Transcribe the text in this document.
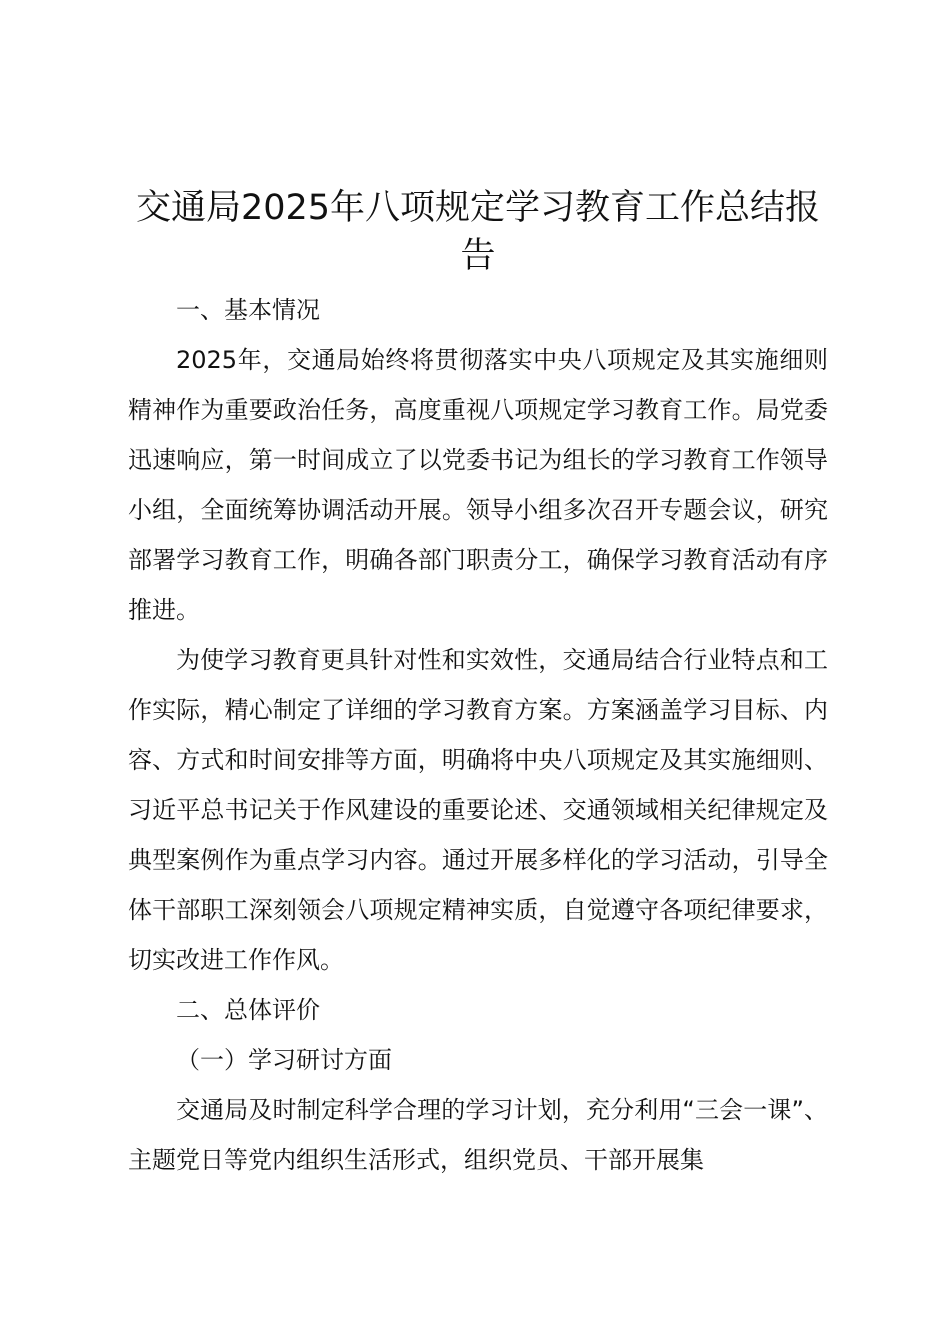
交通局2025年八项规定学习教育工作总结报告

一、基本情况

2025年，交通局始终将贯彻落实中央八项规定及其实施细则精神作为重要政治任务，高度重视八项规定学习教育工作。局党委迅速响应，第一时间成立了以党委书记为组长的学习教育工作领导小组，全面统筹协调活动开展。领导小组多次召开专题会议，研究部署学习教育工作，明确各部门职责分工，确保学习教育活动有序推进。

为使学习教育更具针对性和实效性，交通局结合行业特点和工作实际，精心制定了详细的学习教育方案。方案涵盖学习目标、内容、方式和时间安排等方面，明确将中央八项规定及其实施细则、习近平总书记关于作风建设的重要论述、交通领域相关纪律规定及典型案例作为重点学习内容。通过开展多样化的学习活动，引导全体干部职工深刻领会八项规定精神实质，自觉遵守各项纪律要求，切实改进工作作风。

二、总体评价

（一）学习研讨方面

交通局及时制定科学合理的学习计划，充分利用“三会一课”、主题党日等党内组织生活形式，组织党员、干部开展集
